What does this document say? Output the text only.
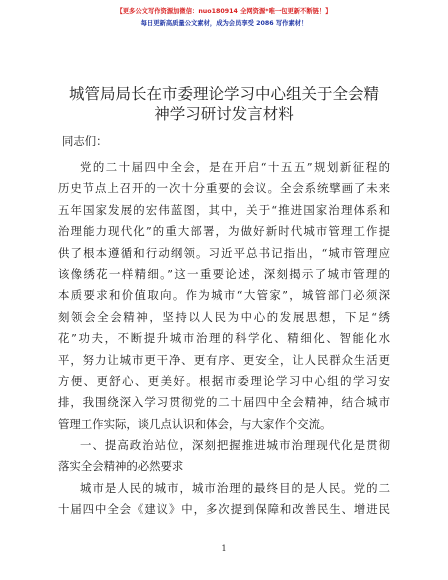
【更多公文写作资源加微信：nuo180914 全网资源*唯一包更新不断链！】
每日更新高质量公文素材，成为会员享受 2086 写作素材！
城管局局长在市委理论学习中心组关于全会精
神学习研讨发言材料
同志们：
党的二十届四中全会，是在开启“十五五”规划新征程的
历史节点上召开的一次十分重要的会议。全会系统擘画了未来
五年国家发展的宏伟蓝图，其中，关于“推进国家治理体系和
治理能力现代化”的重大部署，为做好新时代城市管理工作提
供了根本遵循和行动纲领。习近平总书记指出，“城市管理应
该像绣花一样精细。”这一重要论述，深刻揭示了城市管理的
本质要求和价值取向。作为城市“大管家”，城管部门必须深
刻领会全会精神，坚持以人民为中心的发展思想，下足“绣
花”功夫，不断提升城市治理的科学化、精细化、智能化水
平，努力让城市更干净、更有序、更安全，让人民群众生活更
方便、更舒心、更美好。根据市委理论学习中心组的学习安
排，我围绕深入学习贯彻党的二十届四中全会精神，结合城市
管理工作实际，谈几点认识和体会，与大家作个交流。
一、提高政治站位，深刻把握推进城市治理现代化是贯彻
落实全会精神的必然要求
城市是人民的城市，城市治理的最终目的是人民。党的二
十届四中全会《建议》中，多次提到保障和改善民生、增进民
1
